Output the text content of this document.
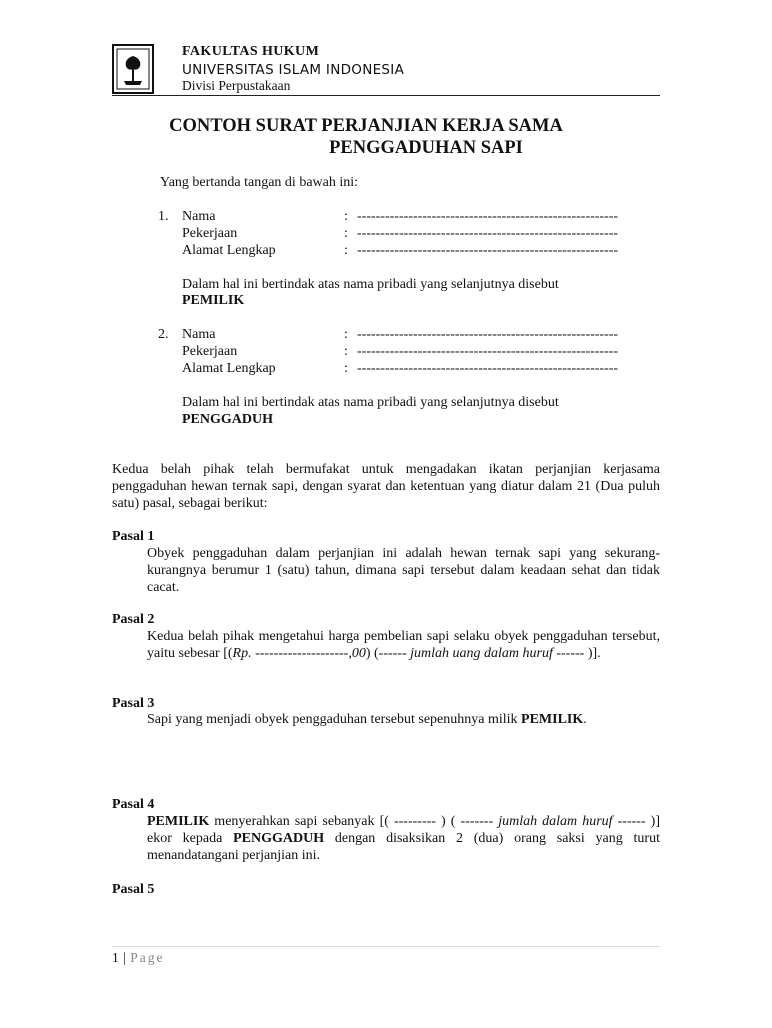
FAKULTAS HUKUM
UNIVERSITAS ISLAM INDONESIA
Divisi Perpustakaan
CONTOH SURAT PERJANJIAN KERJA SAMA
PENGGADUHAN SAPI
Yang bertanda tangan di bawah ini:
1. Nama	: --------------------------------------------------------
Pekerjaan	: --------------------------------------------------------
Alamat Lengkap	: --------------------------------------------------------
Dalam hal ini bertindak atas nama pribadi yang selanjutnya disebut
PEMILIK
2. Nama	: --------------------------------------------------------
Pekerjaan	: --------------------------------------------------------
Alamat Lengkap	: --------------------------------------------------------
Dalam hal ini bertindak atas nama pribadi yang selanjutnya disebut
PENGGADUH
Kedua belah pihak telah bermufakat untuk mengadakan ikatan perjanjian kerjasama penggaduhan hewan ternak sapi, dengan syarat dan ketentuan yang diatur dalam 21 (Dua puluh satu) pasal, sebagai berikut:
Pasal 1
Obyek penggaduhan dalam perjanjian ini adalah hewan ternak sapi yang sekurang-kurangnya berumur 1 (satu) tahun, dimana sapi tersebut dalam keadaan sehat dan tidak cacat.
Pasal 2
Kedua belah pihak mengetahui harga pembelian sapi selaku obyek penggaduhan tersebut, yaitu sebesar [(Rp. --------------------,00) (------ jumlah uang dalam huruf ------ )].
Pasal 3
Sapi yang menjadi obyek penggaduhan tersebut sepenuhnya milik PEMILIK.
Pasal 4
PEMILIK menyerahkan sapi sebanyak [( --------- ) ( ------- jumlah dalam huruf ------ )] ekor kepada PENGGADUH dengan disaksikan 2 (dua) orang saksi yang turut menandatangani perjanjian ini.
Pasal 5
1 | Page
